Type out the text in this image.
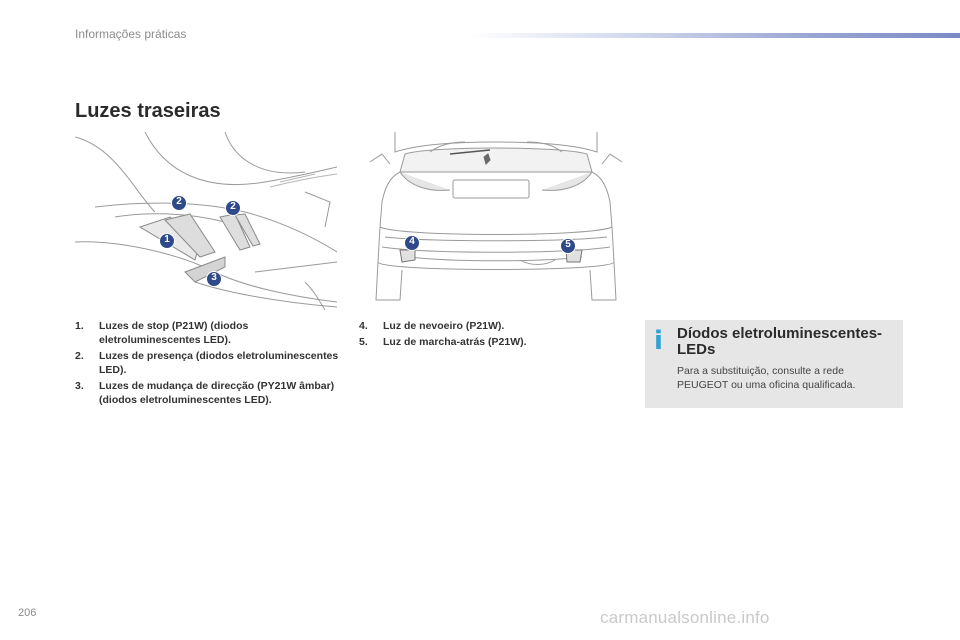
Informações práticas
Luzes traseiras
1
2	2
3
4	5
1. Luzes de stop (P21W) (diodos eletroluminescentes LED).
2. Luzes de presença (diodos eletroluminescentes LED).
3. Luzes de mudança de direcção (PY21W âmbar) (diodos eletroluminescentes LED).
4. Luz de nevoeiro (P21W).
5. Luz de marcha-atrás (P21W).	i Díodos eletroluminescentes-LEDs
Para a substituição, consulte a rede PEUGEOT ou uma oficina qualificada.
206	carmanualsonline.info
